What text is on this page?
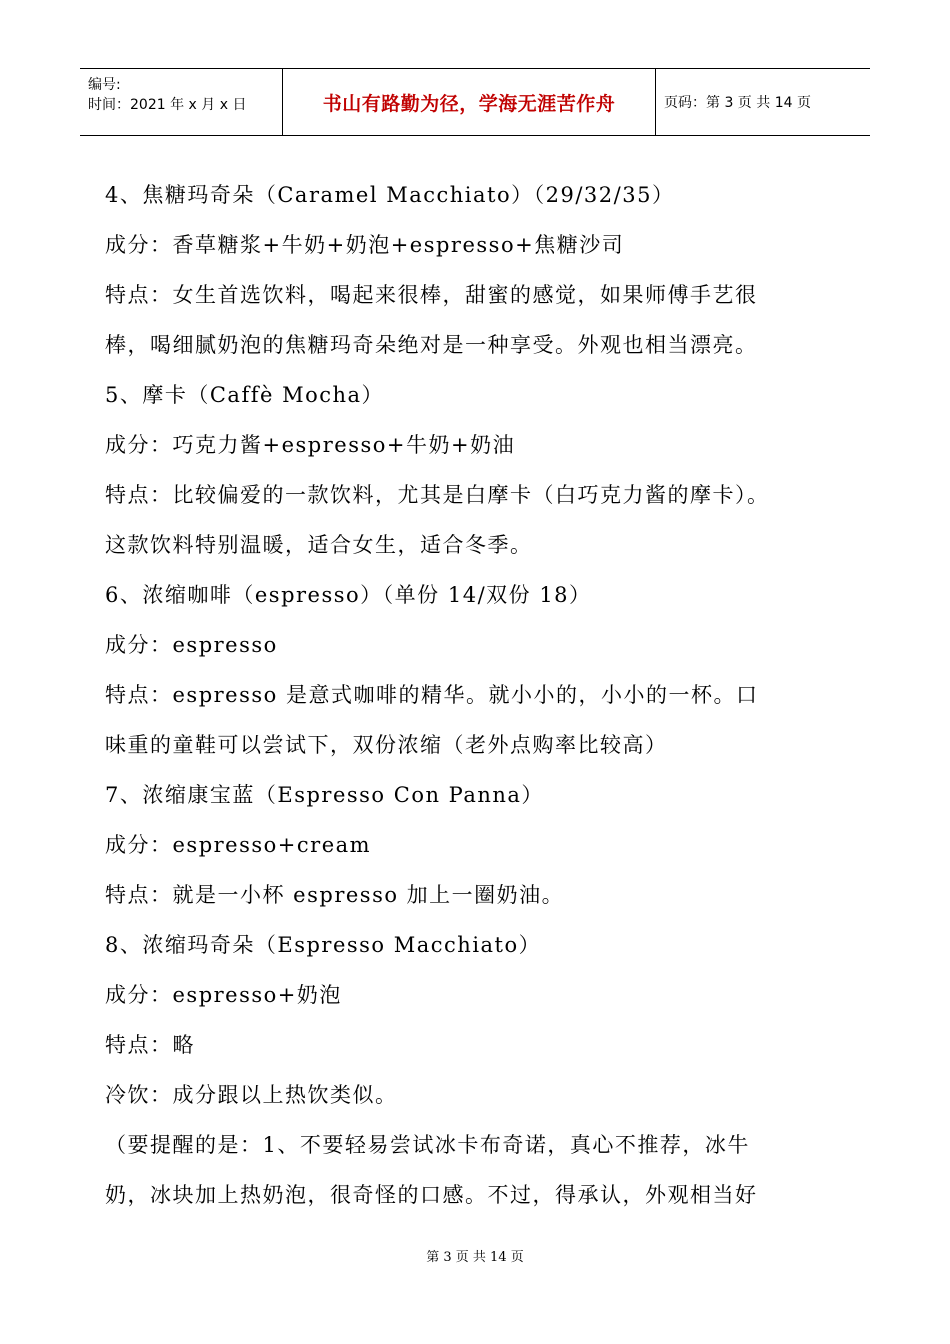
编号:
时间：2021 年 x 月 x 日	书山有路勤为径，学海无涯苦作舟	页码：第 3 页 共 14 页
4、焦糖玛奇朵（Caramel Macchiato）（29/32/35）
成分：香草糖浆+牛奶+奶泡+espresso+焦糖沙司
特点：女生首选饮料，喝起来很棒，甜蜜的感觉，如果师傅手艺很
棒，喝细腻奶泡的焦糖玛奇朵绝对是一种享受。外观也相当漂亮。
5、摩卡（Caffè Mocha）
成分：巧克力酱+espresso+牛奶+奶油
特点：比较偏爱的一款饮料，尤其是白摩卡（白巧克力酱的摩卡）。
这款饮料特别温暖，适合女生，适合冬季。
6、浓缩咖啡（espresso）（单份 14/双份 18）
成分：espresso
特点：espresso 是意式咖啡的精华。就小小的，小小的一杯。口
味重的童鞋可以尝试下，双份浓缩（老外点购率比较高）
7、浓缩康宝蓝（Espresso Con Panna）
成分：espresso+cream
特点：就是一小杯 espresso 加上一圈奶油。
8、浓缩玛奇朵（Espresso Macchiato）
成分：espresso+奶泡
特点：略
冷饮：成分跟以上热饮类似。
（要提醒的是：1、不要轻易尝试冰卡布奇诺，真心不推荐，冰牛
奶，冰块加上热奶泡，很奇怪的口感。不过，得承认，外观相当好
第 3 页 共 14 页
